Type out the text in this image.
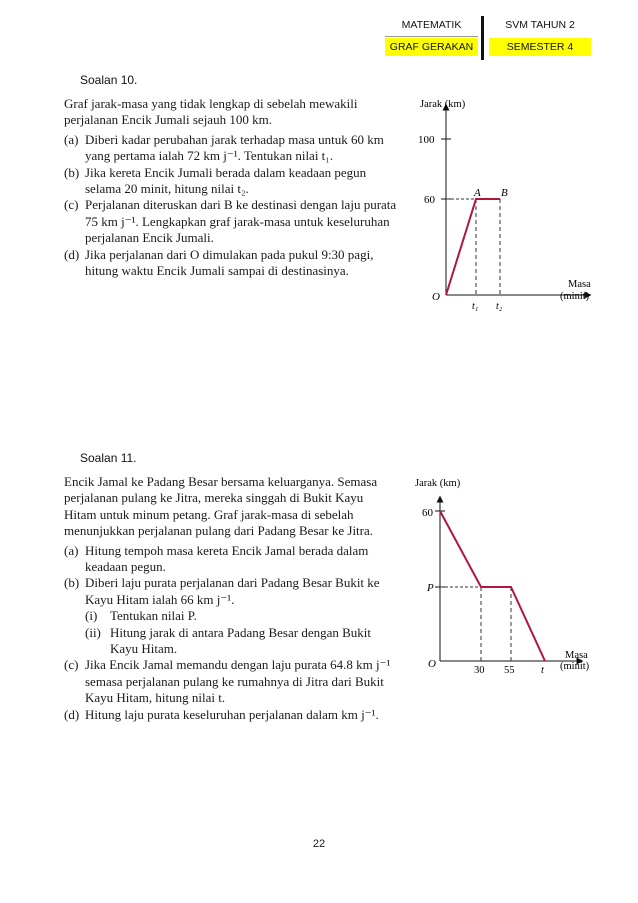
MATEMATIK	SVM TAHUN 2
GRAF GERAKAN	SEMESTER 4
Soalan 10.

Graf jarak-masa yang tidak lengkap di sebelah mewakili perjalanan Encik Jumali sejauh 100 km.

(a) Diberi kadar perubahan jarak terhadap masa untuk 60 km yang pertama ialah 72 km j⁻¹. Tentukan nilai t₁.
(b) Jika kereta Encik Jumali berada dalam keadaan pegun selama 20 minit, hitung nilai t₂.
(c) Perjalanan diteruskan dari B ke destinasi dengan laju purata 75 km j⁻¹. Lengkapkan graf jarak-masa untuk keseluruhan perjalanan Encik Jumali.
(d) Jika perjalanan dari O dimulakan pada pukul 9:30 pagi, hitung waktu Encik Jumali sampai di destinasinya.
Jarak (km)
100
60
A B
O
t₁ t₂
Masa
(minit)
Soalan 11.

Encik Jamal ke Padang Besar bersama keluarganya. Semasa perjalanan pulang ke Jitra, mereka singgah di Bukit Kayu Hitam untuk minum petang. Graf jarak-masa di sebelah menunjukkan perjalanan pulang dari Padang Besar ke Jitra.

(a) Hitung tempoh masa kereta Encik Jamal berada dalam keadaan pegun.
(b) Diberi laju purata perjalanan dari Padang Besar Bukit ke Kayu Hitam ialah 66 km j⁻¹.
(i) Tentukan nilai P.
(ii) Hitung jarak di antara Padang Besar dengan Bukit Kayu Hitam.
(c) Jika Encik Jamal memandu dengan laju purata 64.8 km j⁻¹ semasa perjalanan pulang ke rumahnya di Jitra dari Bukit Kayu Hitam, hitung nilai t.
(d) Hitung laju purata keseluruhan perjalanan dalam km j⁻¹.
Jarak (km)
60
P
O
30 55	t
Masa
(minit)
22
